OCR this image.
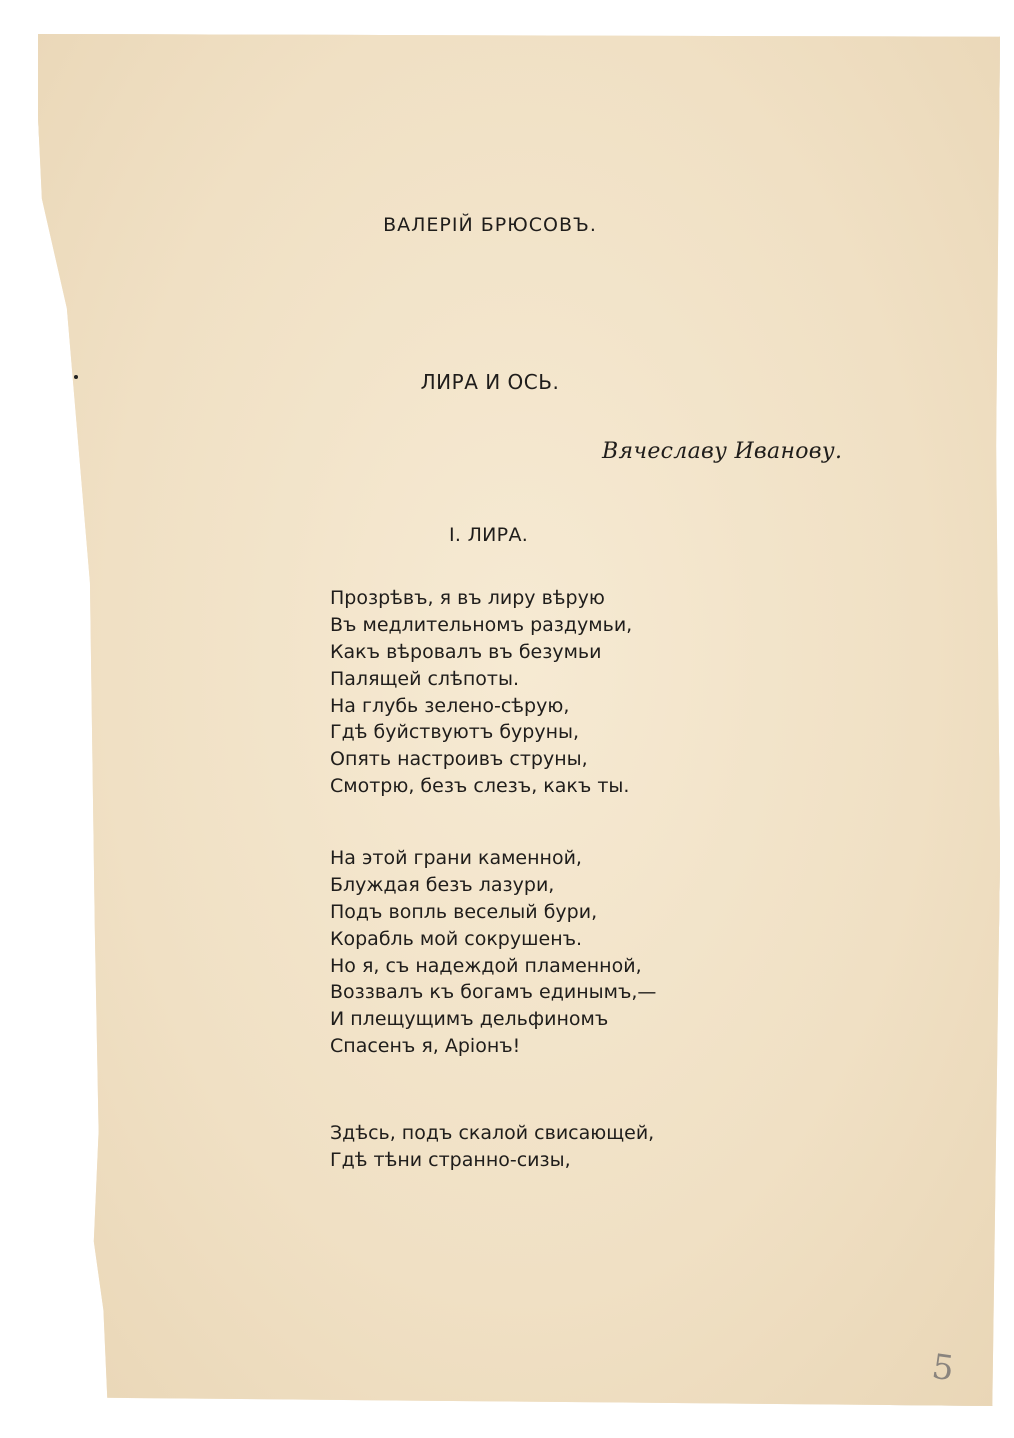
ВАЛЕРІЙ БРЮСОВЪ.
ЛИРА И ОСЬ.
Вячеславу Иванову.
I. ЛИРА.
Прозрѣвъ, я въ лиру вѣрую
Въ медлительномъ раздумьи,
Какъ вѣровалъ въ безумьи
Палящей слѣпоты.
На глубь зелено-сѣрую,
Гдѣ буйствуютъ буруны,
Опять настроивъ струны,
Смотрю, безъ слезъ, какъ ты.
На этой грани каменной,
Блуждая безъ лазури,
Подъ вопль веселый бури,
Корабль мой сокрушенъ.
Но я, съ надеждой пламенной,
Воззвалъ къ богамъ единымъ,—
И плещущимъ дельфиномъ
Спасенъ я, Аріонъ!
Здѣсь, подъ скалой свисающей,
Гдѣ тѣни странно-сизы,
5
